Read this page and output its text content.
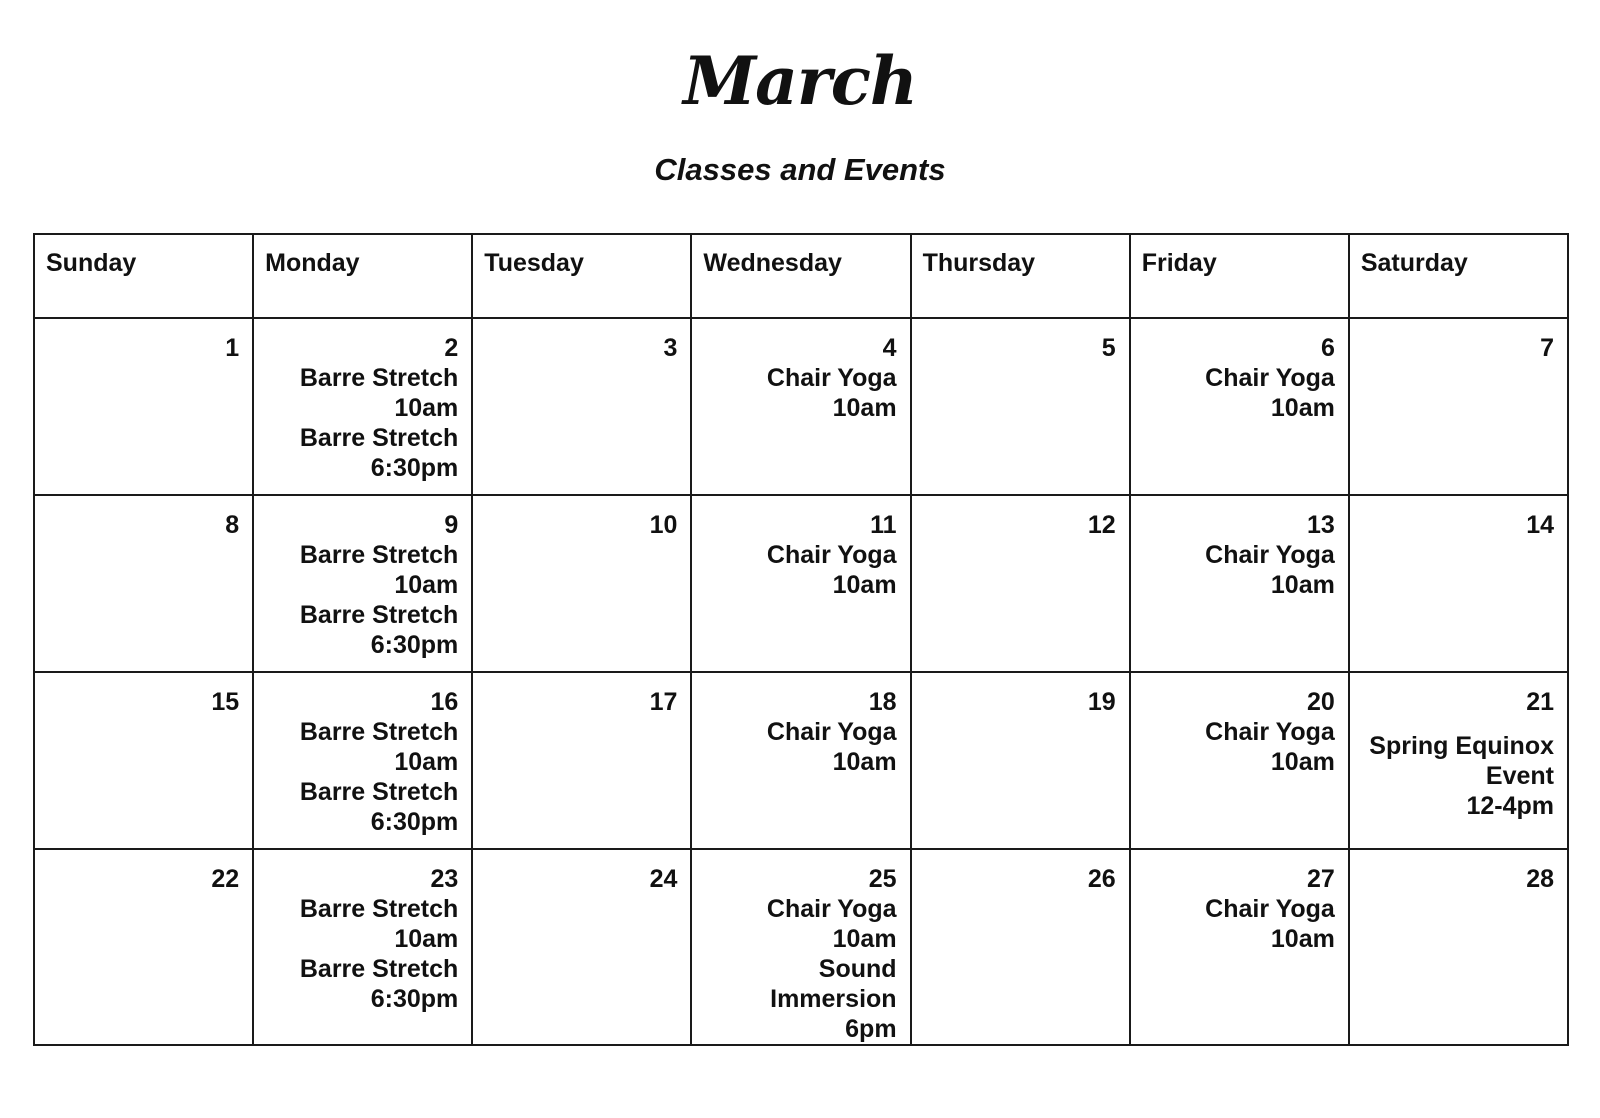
March
Classes and Events
Sunday	Monday	Tuesday	Wednesday	Thursday	Friday	Saturday

1	2
Barre Stretch
10am
Barre Stretch
6:30pm	3	4
Chair Yoga
10am	5	6
Chair Yoga
10am	7

8	9
Barre Stretch
10am
Barre Stretch
6:30pm	10	11
Chair Yoga
10am	12	13
Chair Yoga
10am	14

15	16
Barre Stretch
10am
Barre Stretch
6:30pm	17	18
Chair Yoga
10am	19	20
Chair Yoga
10am	21
Spring Equinox Event
12-4pm

22	23
Barre Stretch
10am
Barre Stretch
6:30pm	24	25
Chair Yoga
10am
Sound Immersion
6pm	26	27
Chair Yoga
10am	28
